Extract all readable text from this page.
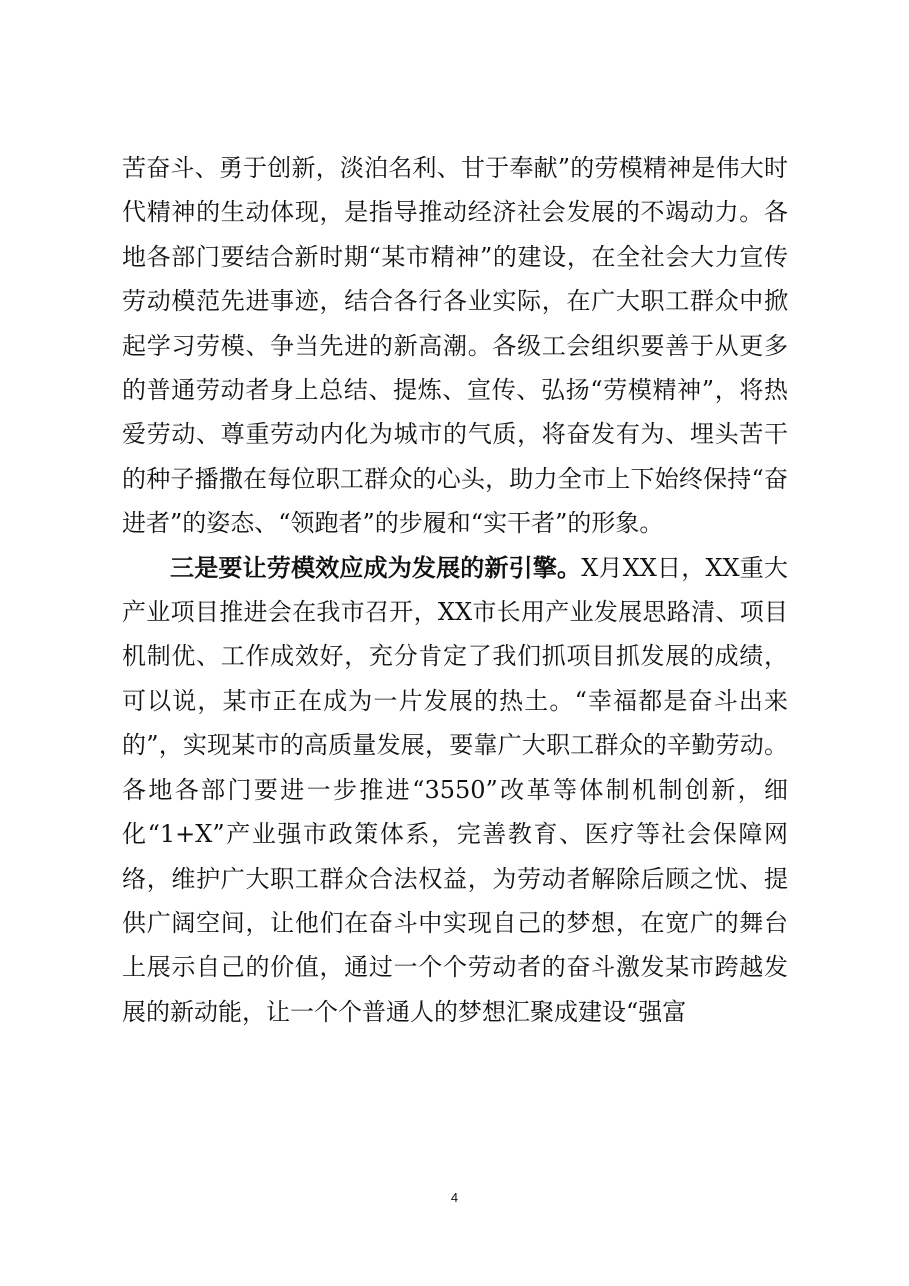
苦奋斗、勇于创新，淡泊名利、甘于奉献”的劳模精神是伟大时代精神的生动体现，是指导推动经济社会发展的不竭动力。各地各部门要结合新时期“某市精神”的建设，在全社会大力宣传劳动模范先进事迹，结合各行各业实际，在广大职工群众中掀起学习劳模、争当先进的新高潮。各级工会组织要善于从更多的普通劳动者身上总结、提炼、宣传、弘扬“劳模精神”，将热爱劳动、尊重劳动内化为城市的气质，将奋发有为、埋头苦干的种子播撒在每位职工群众的心头，助力全市上下始终保持“奋进者”的姿态、“领跑者”的步履和“实干者”的形象。

三是要让劳模效应成为发展的新引擎。X月XX日，XX重大产业项目推进会在我市召开，XX市长用产业发展思路清、项目机制优、工作成效好，充分肯定了我们抓项目抓发展的成绩，可以说，某市正在成为一片发展的热土。“幸福都是奋斗出来的”，实现某市的高质量发展，要靠广大职工群众的辛勤劳动。各地各部门要进一步推进“3550”改革等体制机制创新，细化“1+X”产业强市政策体系，完善教育、医疗等社会保障网络，维护广大职工群众合法权益，为劳动者解除后顾之忧、提供广阔空间，让他们在奋斗中实现自己的梦想，在宽广的舞台上展示自己的价值，通过一个个劳动者的奋斗激发某市跨越发展的新动能，让一个个普通人的梦想汇聚成建设“强富

4
